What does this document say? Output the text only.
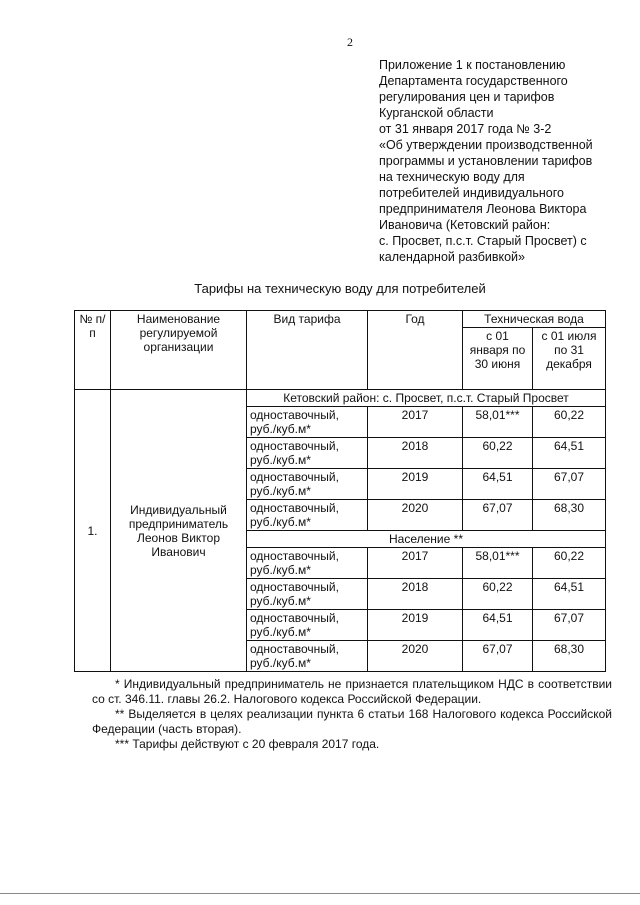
2
Приложение 1 к постановлению
Департамента государственного
регулирования цен и тарифов
Курганской области
от 31 января 2017 года № 3-2
«Об утверждении производственной
программы и установлении тарифов
на техническую воду для
потребителей индивидуального
предпринимателя Леонова Виктора
Ивановича (Кетовский район:
с. Просвет, п.с.т. Старый Просвет) с
календарной разбивкой»
Тарифы на техническую воду для потребителей
№ п/п	Наименование регулируемой организации	Вид тарифа	Год	Техническая вода	
				с 01 января по 30 июня	с 01 июля по 31 декабря
1.	Индивидуальный предприниматель Леонов Виктор Иванович	Кетовский район: с. Просвет, п.с.т. Старый Просвет			
		одноставочный, руб./куб.м*	2017	58,01***	60,22
		одноставочный, руб./куб.м*	2018	60,22	64,51
		одноставочный, руб./куб.м*	2019	64,51	67,07
		одноставочный, руб./куб.м*	2020	67,07	68,30
		Население **			
		одноставочный, руб./куб.м*	2017	58,01***	60,22
		одноставочный, руб./куб.м*	2018	60,22	64,51
		одноставочный, руб./куб.м*	2019	64,51	67,07
		одноставочный, руб./куб.м*	2020	67,07	68,30

* Индивидуальный предприниматель не признается плательщиком НДС в соответствии со ст. 346.11. главы 26.2. Налогового кодекса Российской Федерации.

** Выделяется в целях реализации пункта 6 статьи 168 Налогового кодекса Российской Федерации (часть вторая).

*** Тарифы действуют с 20 февраля 2017 года.
